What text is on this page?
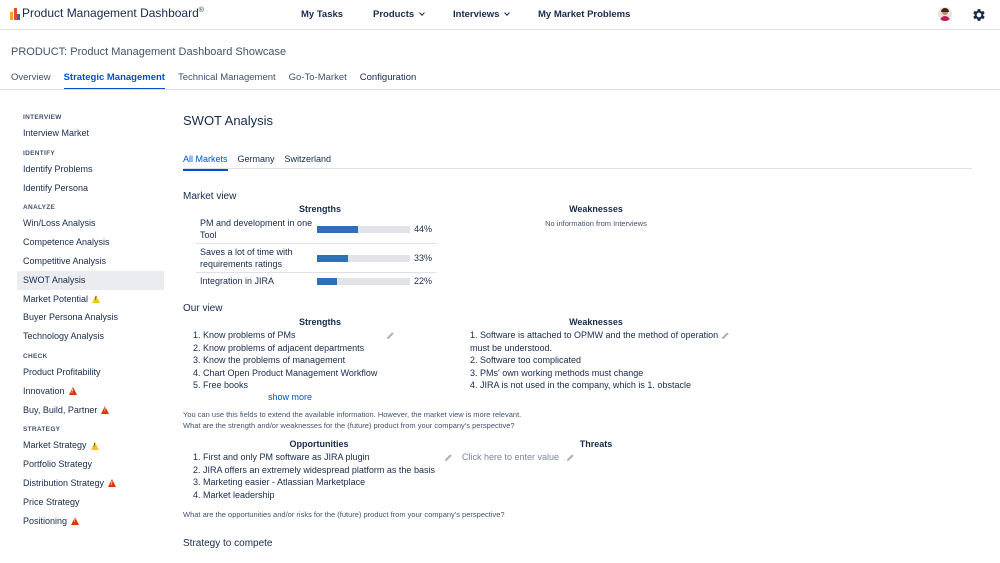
Product Management Dashboard®	My Tasks	Products	Interviews	My Market Problems
PRODUCT: Product Management Dashboard Showcase
Overview Strategic Management Technical Management Go-To-Market Configuration
INTERVIEW
Interview Market
IDENTIFY
Identify Problems
Identify Persona
ANALYZE
Win/Loss Analysis
Competence Analysis
Competitive Analysis
SWOT Analysis
Market Potential
!
Buyer Persona Analysis
Technology Analysis
CHECK
Product Profitability
Innovation
!
Buy, Build, Partner
!
STRATEGY
Market Strategy
!
Portfolio Strategy
Distribution Strategy
!
Price Strategy
Positioning
!
SWOT Analysis
All Markets Germany Switzerland
Market view
Strengths	Weaknesses
PM and development in one Tool
44%
Saves a lot of time with requirements ratings
33%
Integration in JIRA	22%
No information from Interviews
Our view
Strengths	Weaknesses
1. Know problems of PMs
2. Know problems of adjacent departments
3. Know the problems of management
4. Chart Open Product Management Workflow
5. Free books
1. Software is attached to OPMW and the method of operation
must be understood.
2. Software too complicated
3. PMs' own working methods must change
4. JIRA is not used in the company, which is 1. obstacle
show more
You can use this fields to extend the available information. However, the market view is more relevant.
What are the strength and/or weaknesses for the (future) product from your company's perspective?
Opportunities	Threats
1. First and only PM software as JIRA plugin
2. JIRA offers an extremely widespread platform as the basis
3. Marketing easier - Atlassian Marketplace
4. Market leadership
Click here to enter value
What are the opportunities and/or risks for the (future) product from your company's perspective?
Strategy to compete
